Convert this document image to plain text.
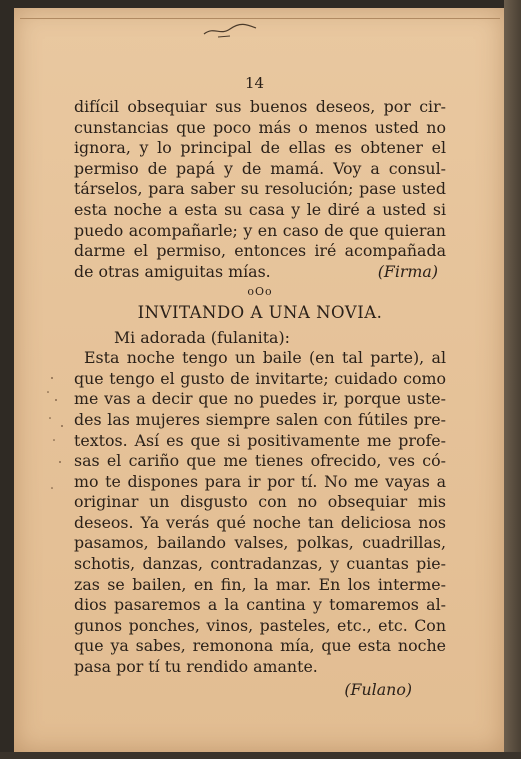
14
difícil obsequiar sus buenos deseos, por cir-
cunstancias que poco más o menos usted no
ignora, y lo principal de ellas es obtener el
permiso de papá y de mamá. Voy a consul-
társelos, para saber su resolución; pase usted
esta noche a esta su casa y le diré a usted si
puedo acompañarle; y en caso de que quieran
darme el permiso, entonces iré acompañada
de otras amiguitas mías.	(Firma)
oOo
INVITANDO A UNA NOVIA.
Mi adorada (fulanita):
Esta noche tengo un baile (en tal parte), al
que tengo el gusto de invitarte; cuidado como
me vas a decir que no puedes ir, porque uste-
des las mujeres siempre salen con fútiles pre-
textos. Así es que si positivamente me profe-
sas el cariño que me tienes ofrecido, ves có-
mo te dispones para ir por tí. No me vayas a
originar un disgusto con no obsequiar mis
deseos. Ya verás qué noche tan deliciosa nos
pasamos, bailando valses, polkas, cuadrillas,
schotis, danzas, contradanzas, y cuantas pie-
zas se bailen, en fin, la mar. En los interme-
dios pasaremos a la cantina y tomaremos al-
gunos ponches, vinos, pasteles, etc., etc. Con
que ya sabes, remonona mía, que esta noche
pasa por tí tu rendido amante.
(Fulano)
